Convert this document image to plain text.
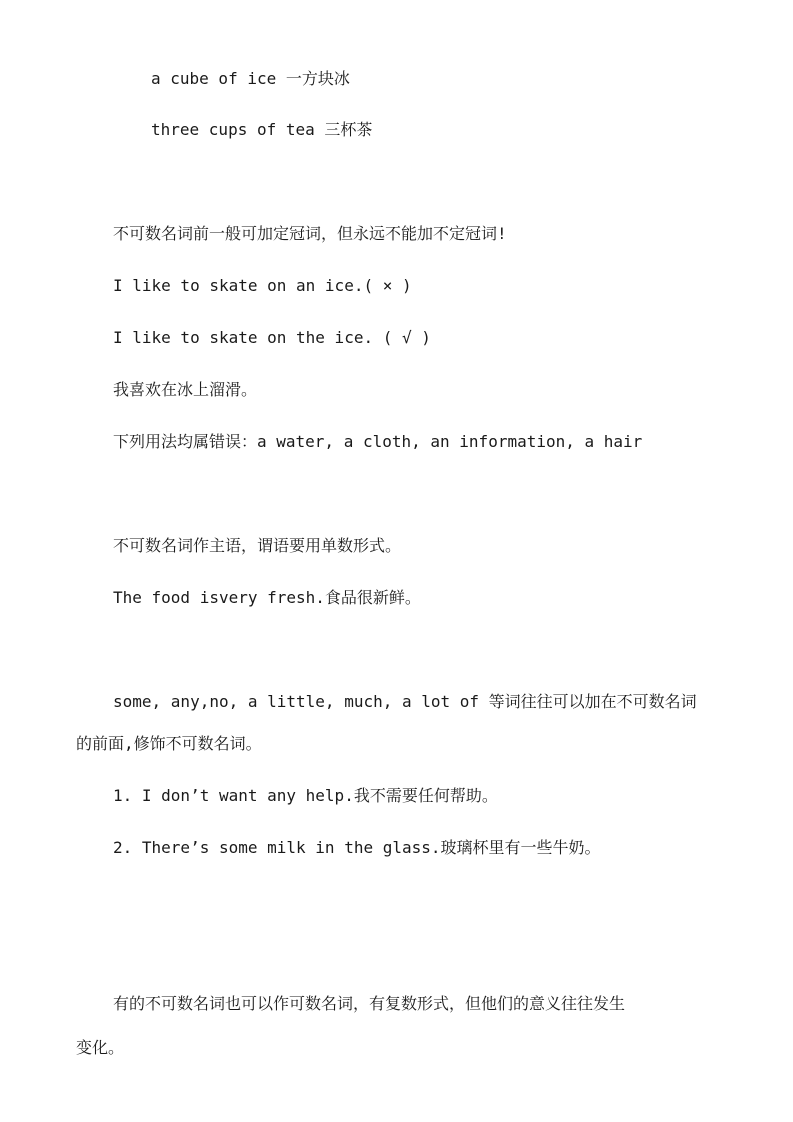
a cube of ice 一方块冰
three cups of tea 三杯茶
不可数名词前一般可加定冠词，但永远不能加不定冠词!
I like to skate on an ice.( × )
I like to skate on the ice. ( √ )
我喜欢在冰上溜滑。
下列用法均属错误：a water, a cloth, an information, a hair
不可数名词作主语，谓语要用单数形式。
The food isvery fresh.食品很新鲜。
some, any,no, a little, much, a lot of 等词往往可以加在不可数名词
的前面,修饰不可数名词。
1. I don’t want any help.我不需要任何帮助。
2. There’s some milk in the glass.玻璃杯里有一些牛奶。
有的不可数名词也可以作可数名词，有复数形式，但他们的意义往往发生
变化。
